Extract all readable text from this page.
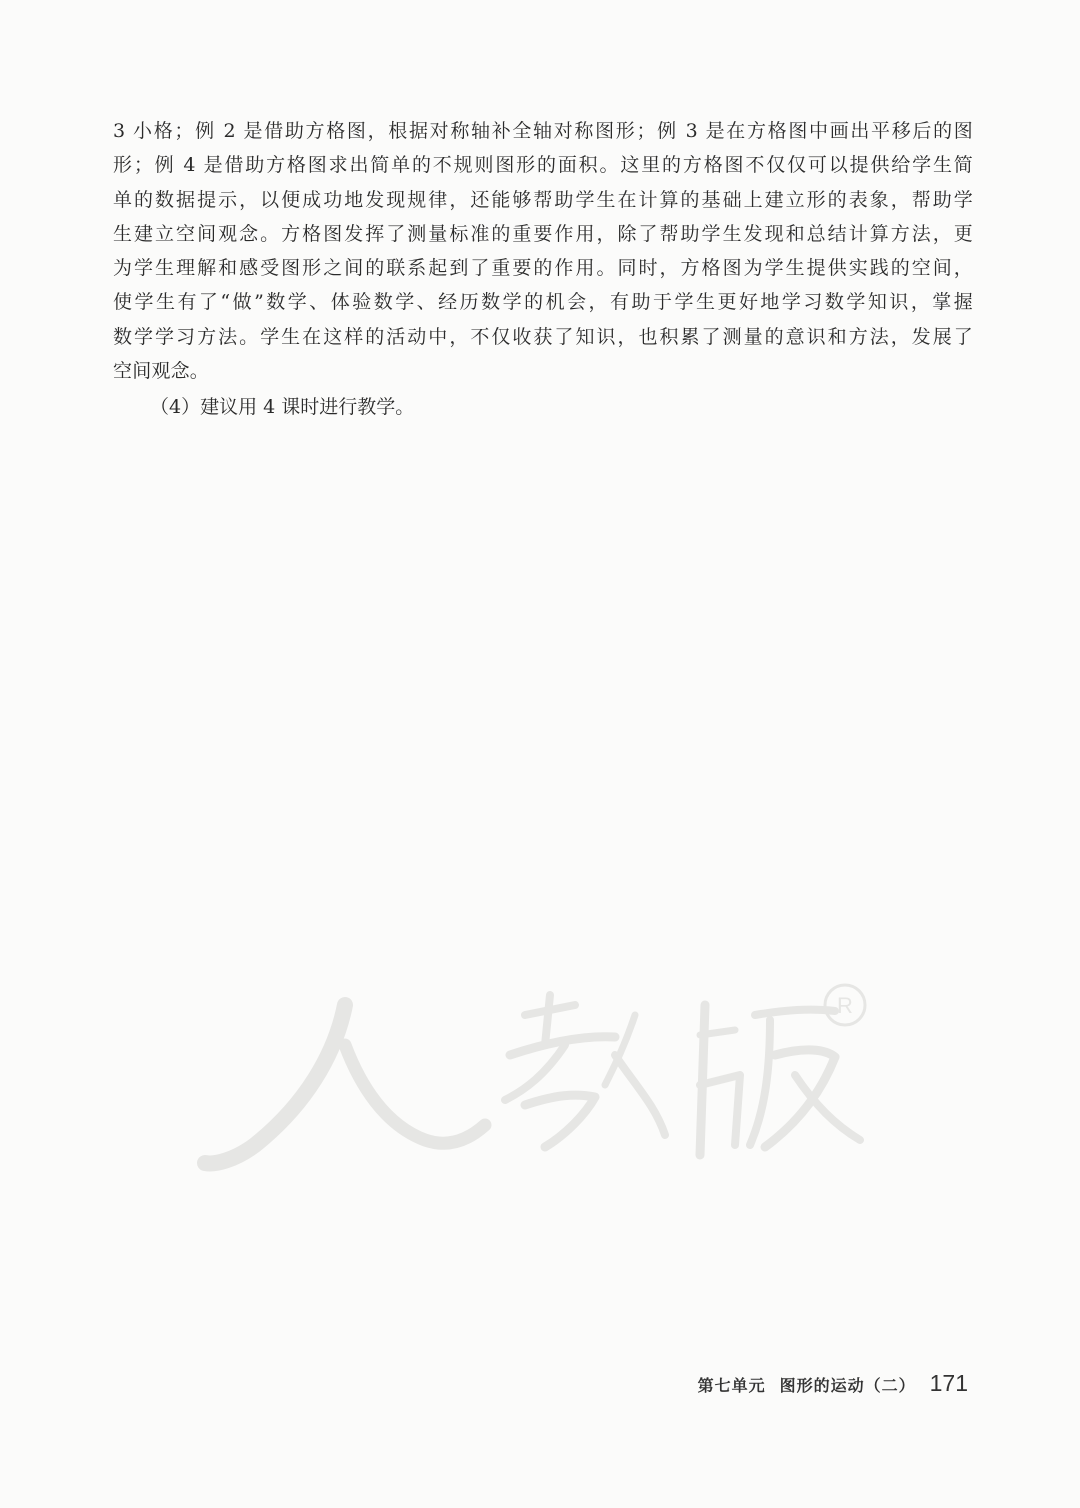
3 小格；例 2 是借助方格图，根据对称轴补全轴对称图形；例 3 是在方格图中画出平移后的图
形；例 4 是借助方格图求出简单的不规则图形的面积。这里的方格图不仅仅可以提供给学生简
单的数据提示，以便成功地发现规律，还能够帮助学生在计算的基础上建立形的表象，帮助学
生建立空间观念。方格图发挥了测量标准的重要作用，除了帮助学生发现和总结计算方法，更
为学生理解和感受图形之间的联系起到了重要的作用。同时，方格图为学生提供实践的空间，
使学生有了“做”数学、体验数学、经历数学的机会，有助于学生更好地学习数学知识，掌握
数学学习方法。学生在这样的活动中，不仅收获了知识，也积累了测量的意识和方法，发展了
空间观念。
（4）建议用 4 课时进行教学。
R
第七单元 图形的运动（二） 171
